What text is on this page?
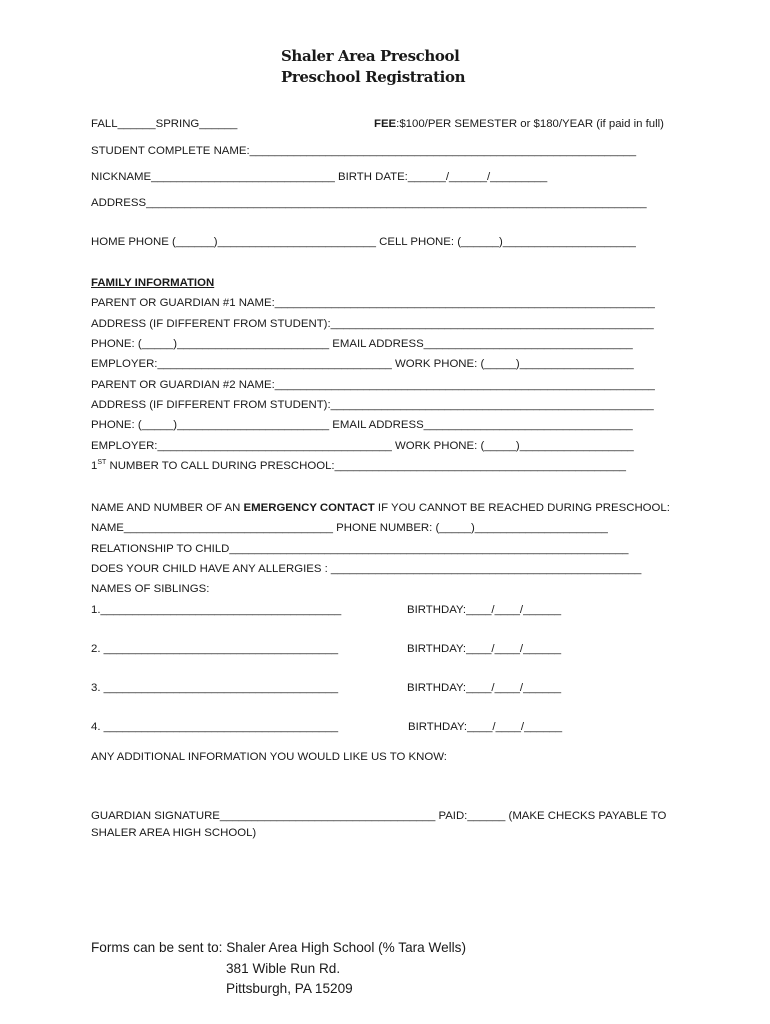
Shaler Area Preschool
Preschool Registration
FALL______SPRING______	FEE:$100/PER SEMESTER or $180/YEAR (if paid in full)
STUDENT COMPLETE NAME:_____________________________________________________________
NICKNAME_____________________________ BIRTH DATE:______/______/_________
ADDRESS_______________________________________________________________________________
HOME PHONE (______)_________________________ CELL PHONE: (______)_____________________
FAMILY INFORMATION
PARENT OR GUARDIAN #1 NAME:____________________________________________________________
ADDRESS (IF DIFFERENT FROM STUDENT):___________________________________________________
PHONE: (_____)________________________ EMAIL ADDRESS_________________________________
EMPLOYER:_____________________________________ WORK PHONE: (_____)__________________
PARENT OR GUARDIAN #2 NAME:____________________________________________________________
ADDRESS (IF DIFFERENT FROM STUDENT):___________________________________________________
PHONE: (_____)________________________ EMAIL ADDRESS_________________________________
EMPLOYER:_____________________________________ WORK PHONE: (_____)__________________
1ST NUMBER TO CALL DURING PRESCHOOL:______________________________________________
NAME AND NUMBER OF AN EMERGENCY CONTACT IF YOU CANNOT BE REACHED DURING PRESCHOOL:
NAME_________________________________ PHONE NUMBER: (_____)_____________________
RELATIONSHIP TO CHILD_______________________________________________________________
DOES YOUR CHILD HAVE ANY ALLERGIES : _________________________________________________
NAMES OF SIBLINGS:
1.______________________________________	BIRTHDAY:____/____/______
2. _____________________________________	BIRTHDAY:____/____/______
3. _____________________________________	BIRTHDAY:____/____/______
4. _____________________________________	BIRTHDAY:____/____/______
ANY ADDITIONAL INFORMATION YOU WOULD LIKE US TO KNOW:
GUARDIAN SIGNATURE__________________________________ PAID:______ (MAKE CHECKS PAYABLE TO
SHALER AREA HIGH SCHOOL)
Forms can be sent to: Shaler Area High School (% Tara Wells)
381 Wible Run Rd.
Pittsburgh, PA 15209
